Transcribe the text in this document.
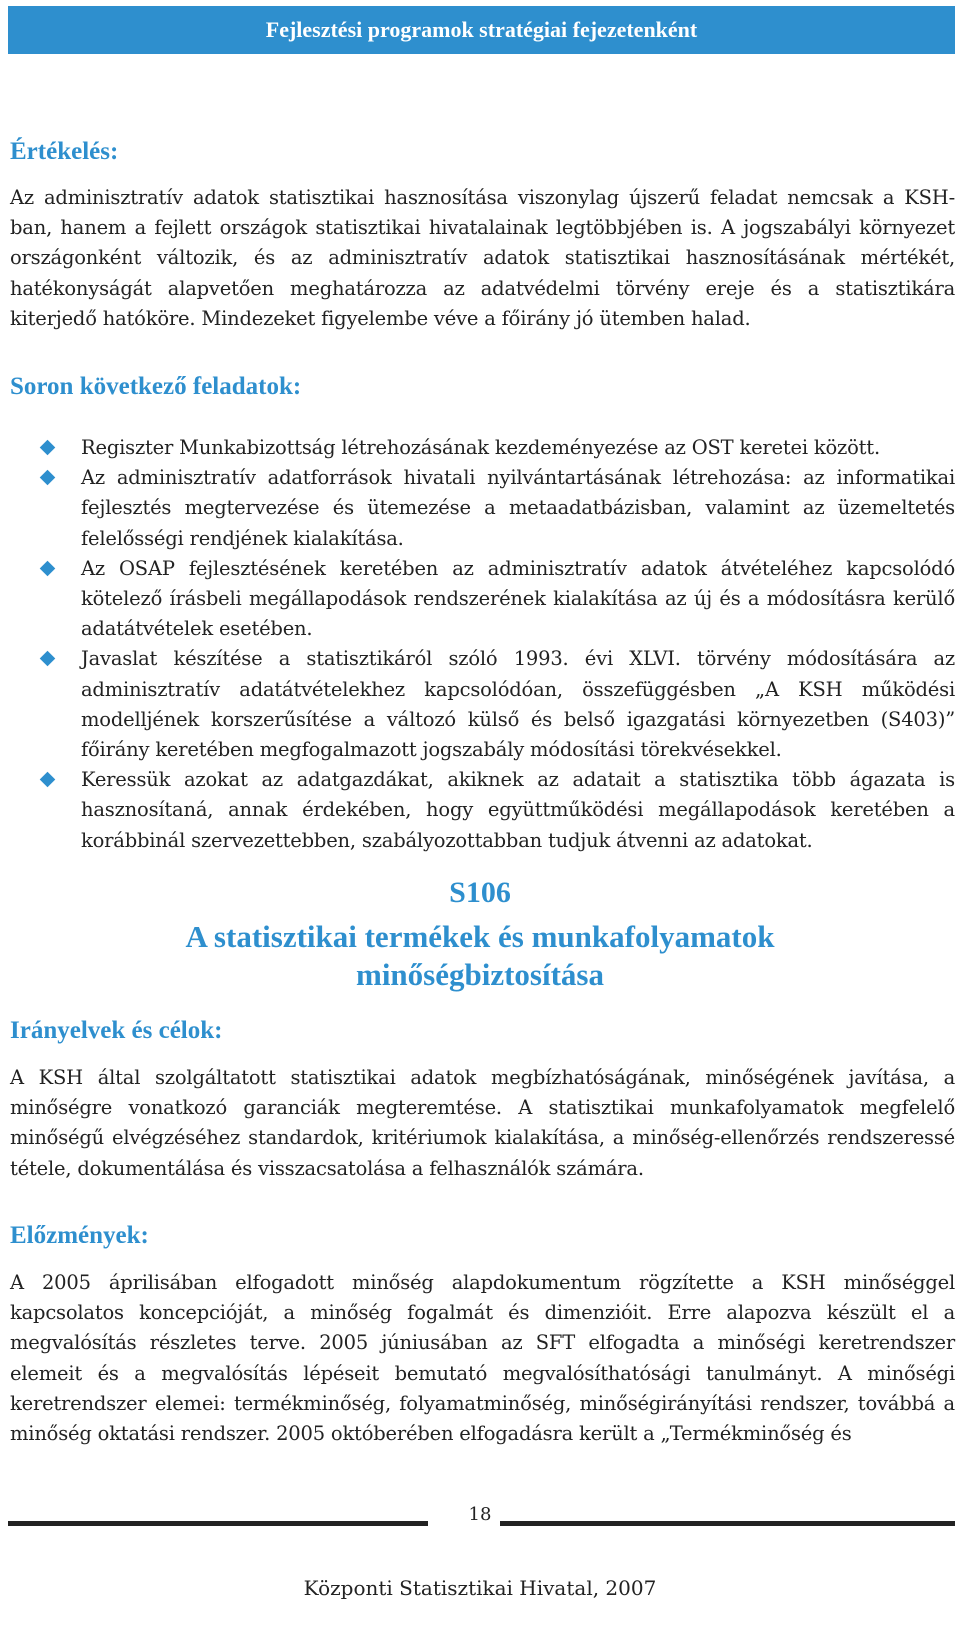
Fejlesztési programok stratégiai fejezetenként
Értékelés:

Az adminisztratív adatok statisztikai hasznosítása viszonylag újszerű feladat nemcsak a KSH-ban, hanem a fejlett országok statisztikai hivatalainak legtöbbjében is. A jogszabályi környezet országonként változik, és az adminisztratív adatok statisztikai hasznosításának mértékét, hatékonyságát alapvetően meghatározza az adatvédelmi törvény ereje és a statisztikára kiterjedő hatóköre. Mindezeket figyelembe véve a főirány jó ütemben halad.

Soron következő feladatok:
Regiszter Munkabizottság létrehozásának kezdeményezése az OST keretei között.
Az adminisztratív adatforrások hivatali nyilvántartásának létrehozása: az informatikai fejlesztés megtervezése és ütemezése a metaadatbázisban, valamint az üzemeltetés felelősségi rendjének kialakítása.
Az OSAP fejlesztésének keretében az adminisztratív adatok átvételéhez kapcsolódó kötelező írásbeli megállapodások rendszerének kialakítása az új és a módosításra kerülő adatátvételek esetében.
Javaslat készítése a statisztikáról szóló 1993. évi XLVI. törvény módosítására az adminisztratív adatátvételekhez kapcsolódóan, összefüggésben „A KSH működési modelljének korszerűsítése a változó külső és belső igazgatási környezetben (S403)” főirány keretében megfogalmazott jogszabály módosítási törekvésekkel.
Keressük azokat az adatgazdákat, akiknek az adatait a statisztika több ágazata is hasznosítaná, annak érdekében, hogy együttműködési megállapodások keretében a korábbinál szervezettebben, szabályozottabban tudjuk átvenni az adatokat.
S106
A statisztikai termékek és munkafolyamatok
minőségbiztosítása
Irányelvek és célok:

A KSH által szolgáltatott statisztikai adatok megbízhatóságának, minőségének javítása, a minőségre vonatkozó garanciák megteremtése. A statisztikai munkafolyamatok megfelelő minőségű elvégzéséhez standardok, kritériumok kialakítása, a minőség-ellenőrzés rendszeressé tétele, dokumentálása és visszacsatolása a felhasználók számára.

Előzmények:

A 2005 áprilisában elfogadott minőség alapdokumentum rögzítette a KSH minőséggel kapcsolatos koncepcióját, a minőség fogalmát és dimenzióit. Erre alapozva készült el a megvalósítás részletes terve. 2005 júniusában az SFT elfogadta a minőségi keretrendszer elemeit és a megvalósítás lépéseit bemutató megvalósíthatósági tanulmányt. A minőségi keretrendszer elemei: termékminőség, folyamatminőség, minőségirányítási rendszer, továbbá a minőség oktatási rendszer. 2005 októberében elfogadásra került a „Termékminőség és

18
Központi Statisztikai Hivatal, 2007
